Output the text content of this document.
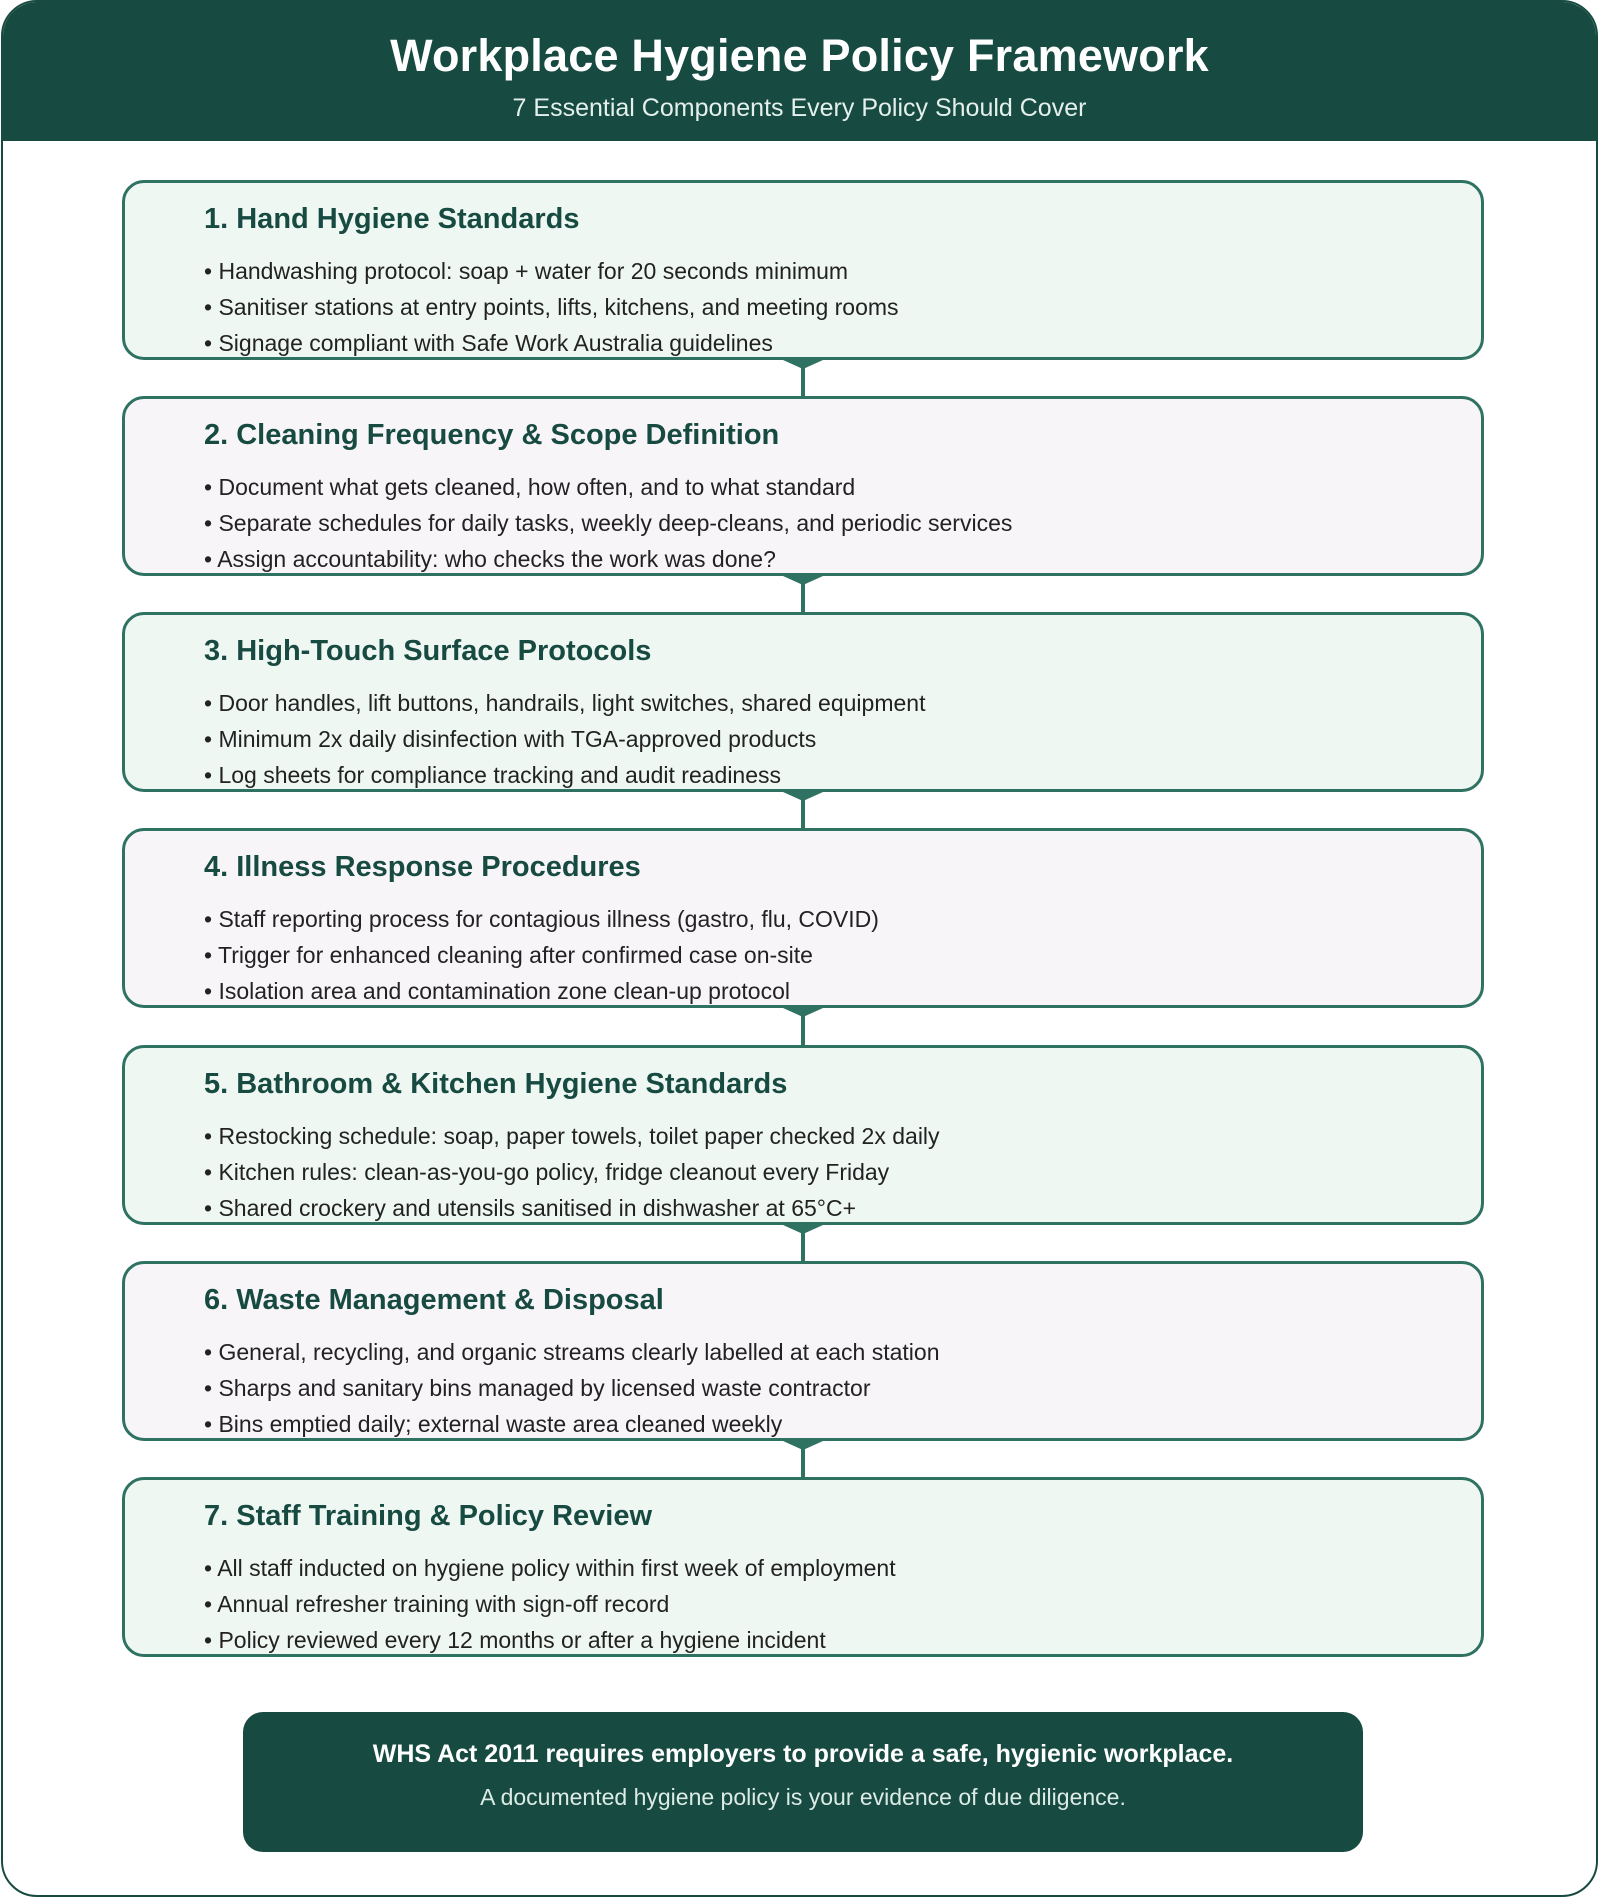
Workplace Hygiene Policy Framework
7 Essential Components Every Policy Should Cover
1. Hand Hygiene Standards
• Handwashing protocol: soap + water for 20 seconds minimum
• Sanitiser stations at entry points, lifts, kitchens, and meeting rooms
• Signage compliant with Safe Work Australia guidelines
2. Cleaning Frequency & Scope Definition
• Document what gets cleaned, how often, and to what standard
• Separate schedules for daily tasks, weekly deep-cleans, and periodic services
• Assign accountability: who checks the work was done?
3. High-Touch Surface Protocols
• Door handles, lift buttons, handrails, light switches, shared equipment
• Minimum 2x daily disinfection with TGA-approved products
• Log sheets for compliance tracking and audit readiness
4. Illness Response Procedures
• Staff reporting process for contagious illness (gastro, flu, COVID)
• Trigger for enhanced cleaning after confirmed case on-site
• Isolation area and contamination zone clean-up protocol
5. Bathroom & Kitchen Hygiene Standards
• Restocking schedule: soap, paper towels, toilet paper checked 2x daily
• Kitchen rules: clean-as-you-go policy, fridge cleanout every Friday
• Shared crockery and utensils sanitised in dishwasher at 65°C+
6. Waste Management & Disposal
• General, recycling, and organic streams clearly labelled at each station
• Sharps and sanitary bins managed by licensed waste contractor
• Bins emptied daily; external waste area cleaned weekly
7. Staff Training & Policy Review
• All staff inducted on hygiene policy within first week of employment
• Annual refresher training with sign-off record
• Policy reviewed every 12 months or after a hygiene incident
WHS Act 2011 requires employers to provide a safe, hygienic workplace.
A documented hygiene policy is your evidence of due diligence.
